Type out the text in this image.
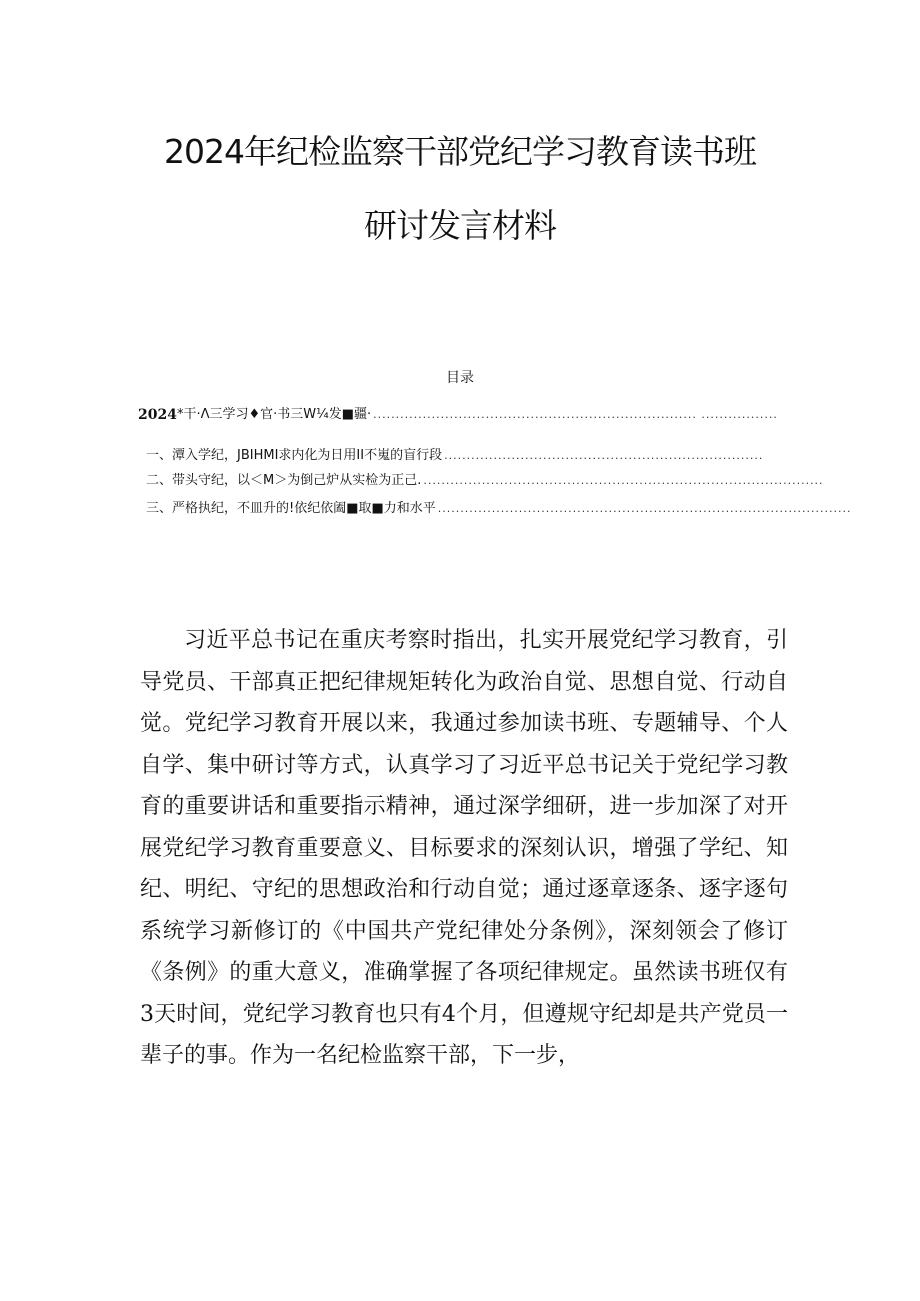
2024年纪检监察干部党纪学习教育读书班
研讨发言材料
目录
2024 *干·Λ三学习♦官·书三W¼发■疆· ........................................................................ .................
一、潭入学纪，JBIHMI求内化为日用II不嵬的盲行段 .......................................................................
二、带头守纪，以＜M＞为倒己炉从实检为正己. .........................................................................................
三、严格执纪，不皿升的!依纪依阖■取■力和水平 ............................................................................................

习近平总书记在重庆考察时指出，扎实开展党纪学习教育，引导党员、干部真正把纪律规矩转化为政治自觉、思想自觉、行动自觉。党纪学习教育开展以来，我通过参加读书班、专题辅导、个人自学、集中研讨等方式，认真学习了习近平总书记关于党纪学习教育的重要讲话和重要指示精神，通过深学细研，进一步加深了对开展党纪学习教育重要意义、目标要求的深刻认识，增强了学纪、知纪、明纪、守纪的思想政治和行动自觉；通过逐章逐条、逐字逐句系统学习新修订的《中国共产党纪律处分条例》，深刻领会了修订《条例》的重大意义，准确掌握了各项纪律规定。虽然读书班仅有3天时间，党纪学习教育也只有4个月，但遵规守纪却是共产党员一辈子的事。作为一名纪检监察干部，下一步，
